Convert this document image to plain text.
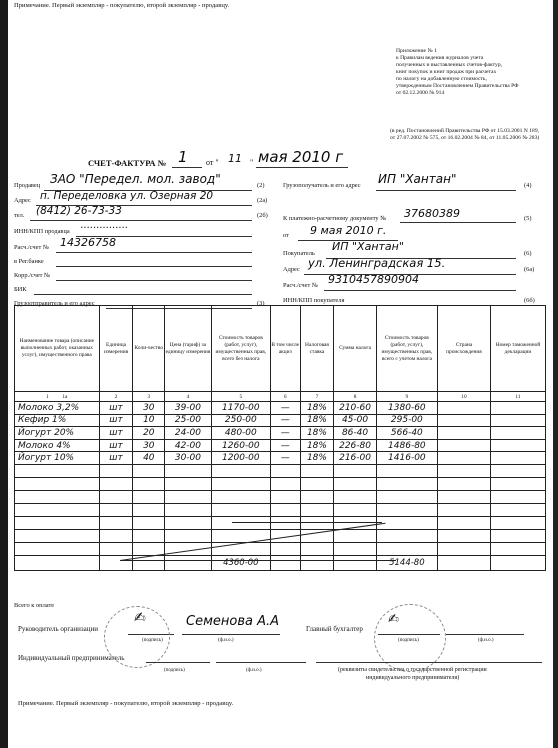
Примечание. Первый экземпляр - покупателю, второй экземпляр - продавцу.
Приложение № 1
к Правилам ведения журналов учета
полученных и выставленных счетов-фактур,
книг покупок и книг продаж при расчетах
по налогу на добавленную стоимость,
утвержденным Постановлением Правительства РФ
от 02.12.2000 № 914
(в ред. Постановлений Правительства РФ от 15.03.2001 N 189,
от 27.07.2002 № 575, от 16.02.2004 № 84, от 11.05.2006 № 283)
СЧЕТ-ФАКТУРА № 1 от " 11 " мая 2010 г
Продавец ЗАО "Передел. мол. завод"	(2)
Адрес п. Переделовка ул. Озерная 20	(2а)
тел. (8412) 26-73-33	(2б)
ИНН/КПП продавца ···············
Расч./счет № 14326758
в Рег.банке
Корр./счет №
БИК
Грузоотправитель и его адрес	(3)
Грузополучатель и его адрес ИП "Хантан"	(4)
К платежно-расчетному документу № 37680389	(5)
от 9 мая 2010 г.
Покупатель
ИП "Хантан"
(6)
Адрес ул. Ленинградская 15.	(6а)
Расч./счет № 9310457890904
ИНН/КПП покупателя	(6б)
Наименование товара (описание выполненных работ, оказанных услуг), имущественного права	Единица измерения	Коли-чество	Цена (тариф) за единицу измерения	Стоимость товаров (работ, услуг), имущественных прав, всего без налога	В том числе акциз	Налоговая ставка	Сумма налога	Стоимость товаров (работ, услуг), имущественных прав, всего с учетом налога	Страна происхождения	Номер таможенной декларации
1 1а	2	3	4	5	6	7	8	9	10	11
Молоко 3,2%	шт	30	39-00	1170-00	—	18%	210-60	1380-60		
Кефир 1%	шт	10	25-00	250-00	—	18%	45-00	295-00		
Йогурт 20%	шт	20	24-00	480-00	—	18%	86-40	566-40		
Молоко 4%	шт	30	42-00	1260-00	—	18%	226-80	1486-80		
Йогурт 10%	шт	40	30-00	1200-00	—	18%	216-00	1416-00		

				4360-00				5144-80		
Всего к оплате
Руководитель организации
✍
(подпись)
Семенова А.А
(ф.и.о.)
Главный бухгалтер
✍
(подпись)	(ф.и.о.)
Индивидуальный предприниматель
(подпись)	(ф.и.о.)	(реквизиты свидетельства о государственной регистрации
индивидуального предпринимателя)
Примечание. Первый экземпляр - покупателю, второй экземпляр - продавцу.
